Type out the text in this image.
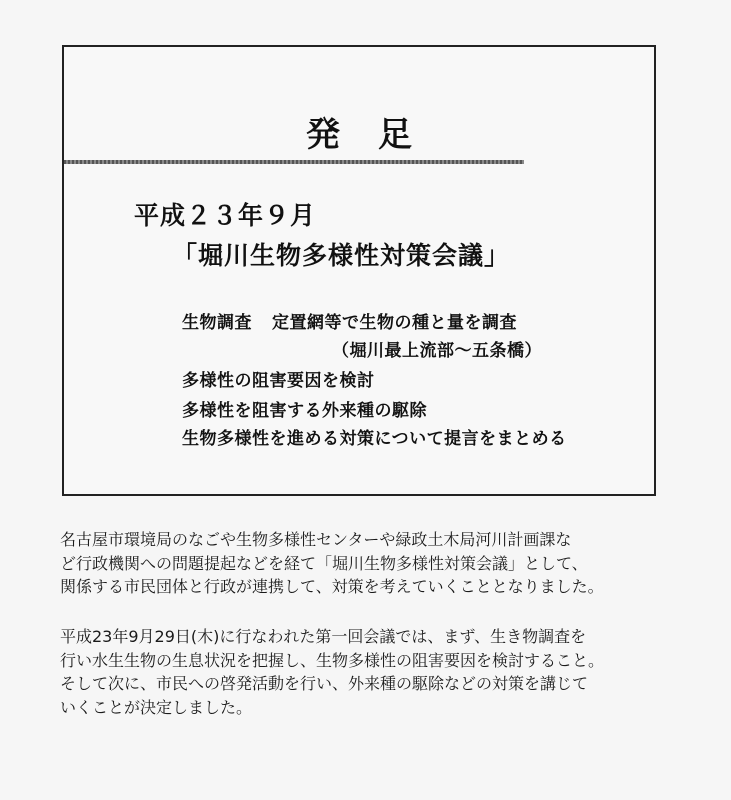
発足
平成２３年９月
「堀川生物多様性対策会議」
生物調査 定置網等で生物の種と量を調査
（堀川最上流部～五条橋）
多様性の阻害要因を検討
多様性を阻害する外来種の駆除
生物多様性を進める対策について提言をまとめる
名古屋市環境局のなごや生物多様性センターや緑政土木局河川計画課な
ど行政機関への問題提起などを経て「堀川生物多様性対策会議」として、
関係する市民団体と行政が連携して、対策を考えていくこととなりました。
平成23年9月29日(木)に行なわれた第一回会議では、まず、生き物調査を
行い水生生物の生息状況を把握し、生物多様性の阻害要因を検討すること。
そして次に、市民への啓発活動を行い、外来種の駆除などの対策を講じて
いくことが決定しました。
